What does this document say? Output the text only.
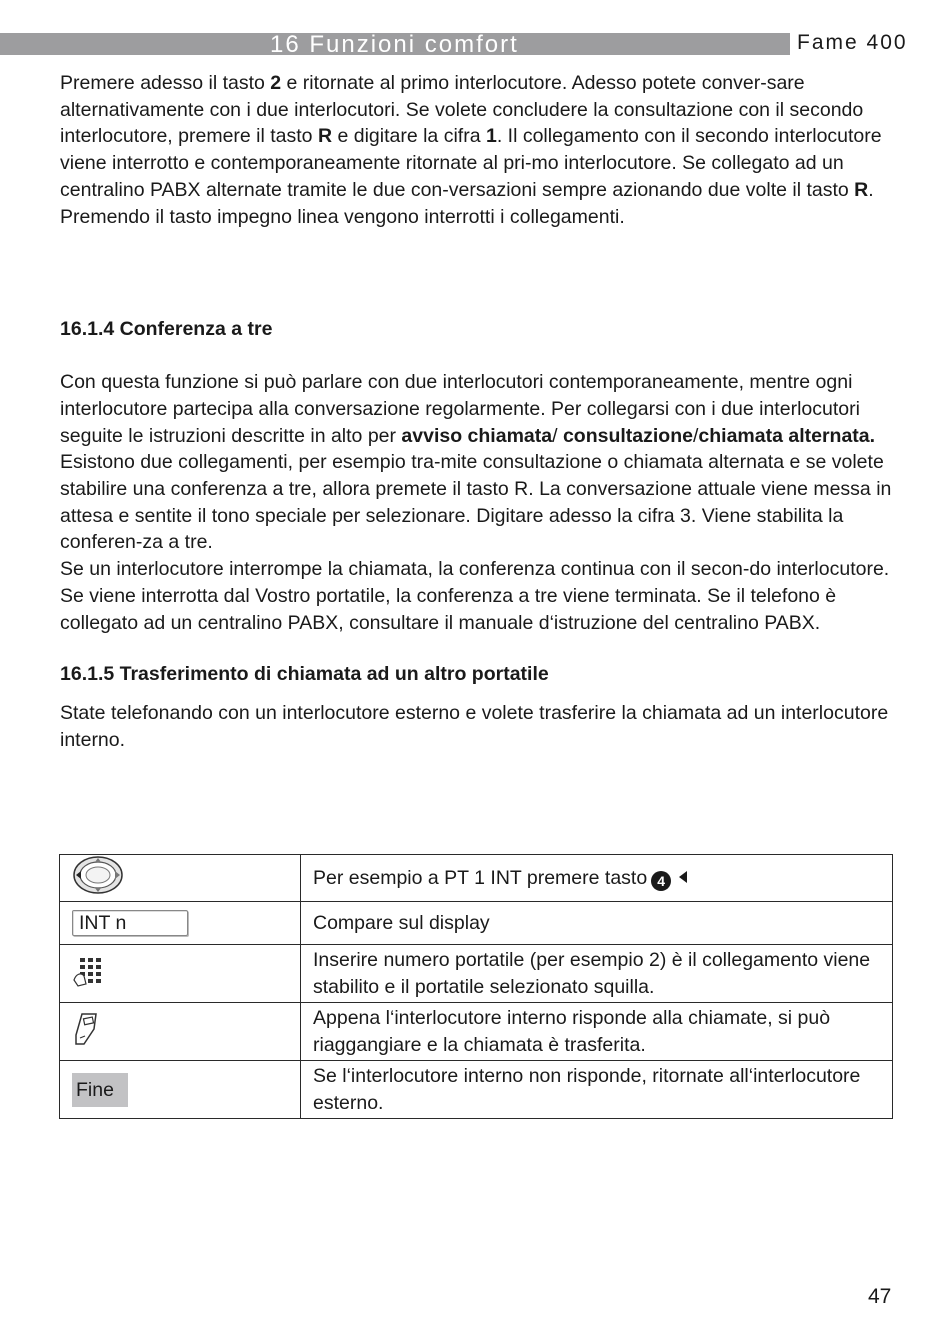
16 Funzioni comfort	Fame 400

Premere adesso il tasto 2 e ritornate al primo interlocutore. Adesso potete conver-sare alternativamente con i due interlocutori. Se volete concludere la consultazione con il secondo interlocutore, premere il tasto R e digitare la cifra 1. Il collegamento con il secondo interlocutore viene interrotto e contemporaneamente ritornate al pri-mo interlocutore. Se collegato ad un centralino PABX alternate tramite le due con-versazioni sempre azionando due volte il tasto R. Premendo il tasto impegno linea vengono interrotti i collegamenti.

16.1.4 Conferenza a tre

Con questa funzione si può parlare con due interlocutori contemporaneamente, mentre ogni interlocutore partecipa alla conversazione regolarmente. Per collegarsi con i due interlocutori seguite le istruzioni descritte in alto per avviso chiamata/ consultazione/chiamata alternata. Esistono due collegamenti, per esempio tra-mite consultazione o chiamata alternata e se volete stabilire una conferenza a tre, allora premete il tasto R. La conversazione attuale viene messa in attesa e sentite il tono speciale per selezionare. Digitare adesso la cifra 3. Viene stabilita la conferen-za a tre.

Se un interlocutore interrompe la chiamata, la conferenza continua con il secon-do interlocutore. Se viene interrotta dal Vostro portatile, la conferenza a tre viene terminata. Se il telefono è collegato ad un centralino PABX, consultare il manuale d‘istruzione del centralino PABX.

16.1.5 Trasferimento di chiamata ad un altro portatile

State telefonando con un interlocutore esterno e volete trasferire la chiamata ad un interlocutore interno.

	Per esempio a PT 1 INT premere tasto 4
INT n	Compare sul display
	Inserire numero portatile (per esempio 2) è il collegamento viene stabilito e il portatile selezionato squilla.
	Appena l‘interlocutore interno risponde alla chiamate, si può riaggangiare e la chiamata è trasferita.
Fine	Se l‘interlocutore interno non risponde, ritornate all‘interlocutore esterno.
47
